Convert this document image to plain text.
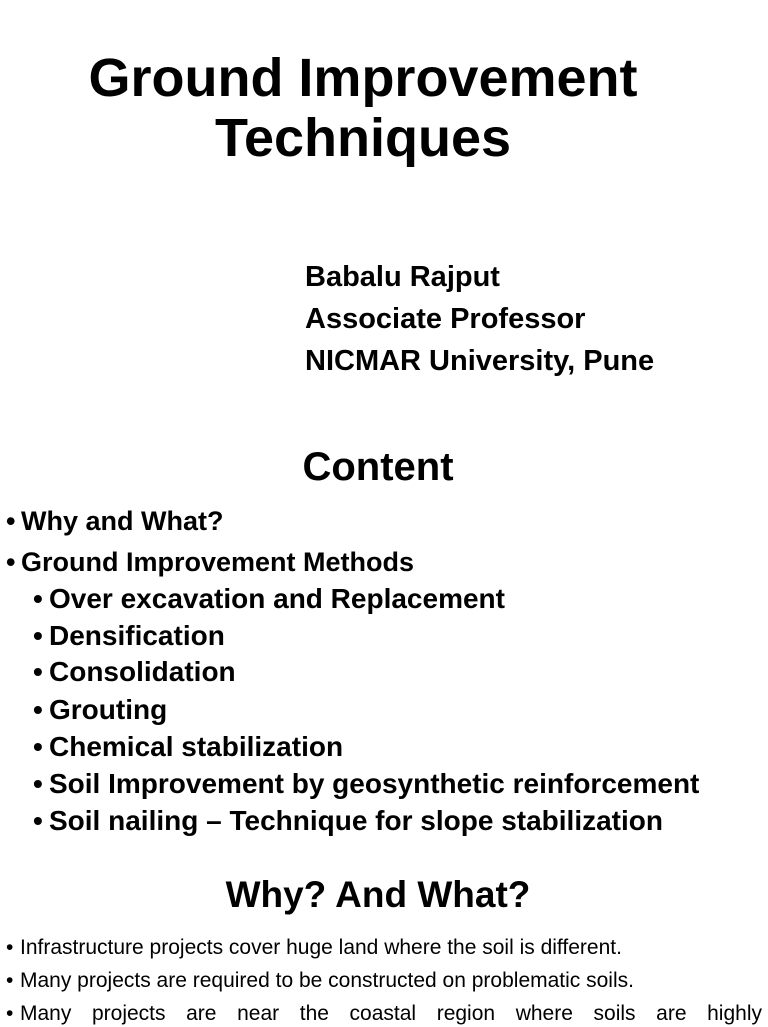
Ground Improvement
Techniques
Babalu Rajput
Associate Professor
NICMAR University, Pune
Content
• Why and What?
• Ground Improvement Methods
• Over excavation and Replacement
• Densification
• Consolidation
• Grouting
• Chemical stabilization
• Soil Improvement by geosynthetic reinforcement
• Soil nailing – Technique for slope stabilization
Why? And What?
• Infrastructure projects cover huge land where the soil is different.
• Many projects are required to be constructed on problematic soils.
• Many projects are near the coastal region where soils are highly
